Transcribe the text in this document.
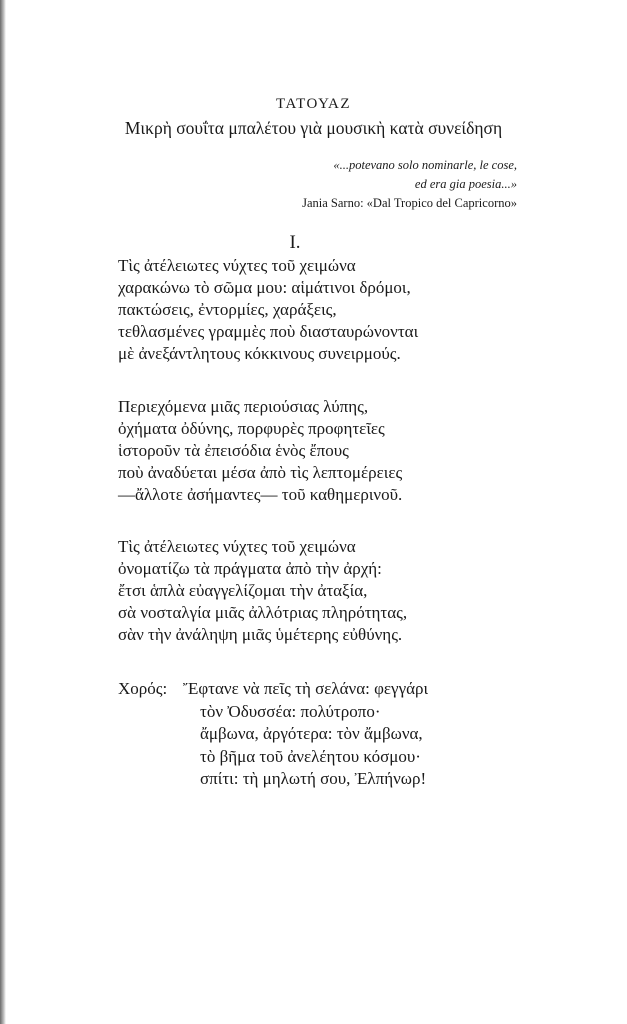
ΤΑΤΟΥΑΖ
Μικρὴ σουΐτα μπαλέτου γιὰ μουσικὴ κατὰ συνείδηση
«...potevano solo nominarle, le cose,
ed era gia poesia...»
Jania Sarno: «Dal Tropico del Capricorno»
I.
Τὶς ἀτέλειωτες νύχτες τοῦ χειμώνα
χαρακώνω τὸ σῶμα μου: αἱμάτινοι δρόμοι,
πακτώσεις, ἐντορμίες, χαράξεις,
τεθλασμένες γραμμὲς ποὺ διασταυρώνονται
μὲ ἀνεξάντλητους κόκκινους συνειρμούς.
Περιεχόμενα μιᾶς περιούσιας λύπης,
ὀχήματα ὀδύνης, πορφυρὲς προφητεῖες
ἱστοροῦν τὰ ἐπεισόδια ἑνὸς ἔπους
ποὺ ἀναδύεται μέσα ἀπὸ τὶς λεπτομέρειες
—ἄλλοτε ἀσήμαντες— τοῦ καθημερινοῦ.
Τὶς ἀτέλειωτες νύχτες τοῦ χειμώνα
ὀνοματίζω τὰ πράγματα ἀπὸ τὴν ἀρχή:
ἔτσι ἁπλὰ εὐαγγελίζομαι τὴν ἀταξία,
σὰ νοσταλγία μιᾶς ἀλλότριας πληρότητας,
σὰν τὴν ἀνάληψη μιᾶς ὑμέτερης εὐθύνης.
Χορός: Ἔφτανε νὰ πεῖς τὴ σελάνα: φεγγάρι
τὸν Ὀδυσσέα: πολύτροπο·
ἄμβωνα, ἀργότερα: τὸν ἄμβωνα,
τὸ βῆμα τοῦ ἀνελέητου κόσμου·
σπίτι: τὴ μηλωτή σου, Ἐλπήνωρ!
